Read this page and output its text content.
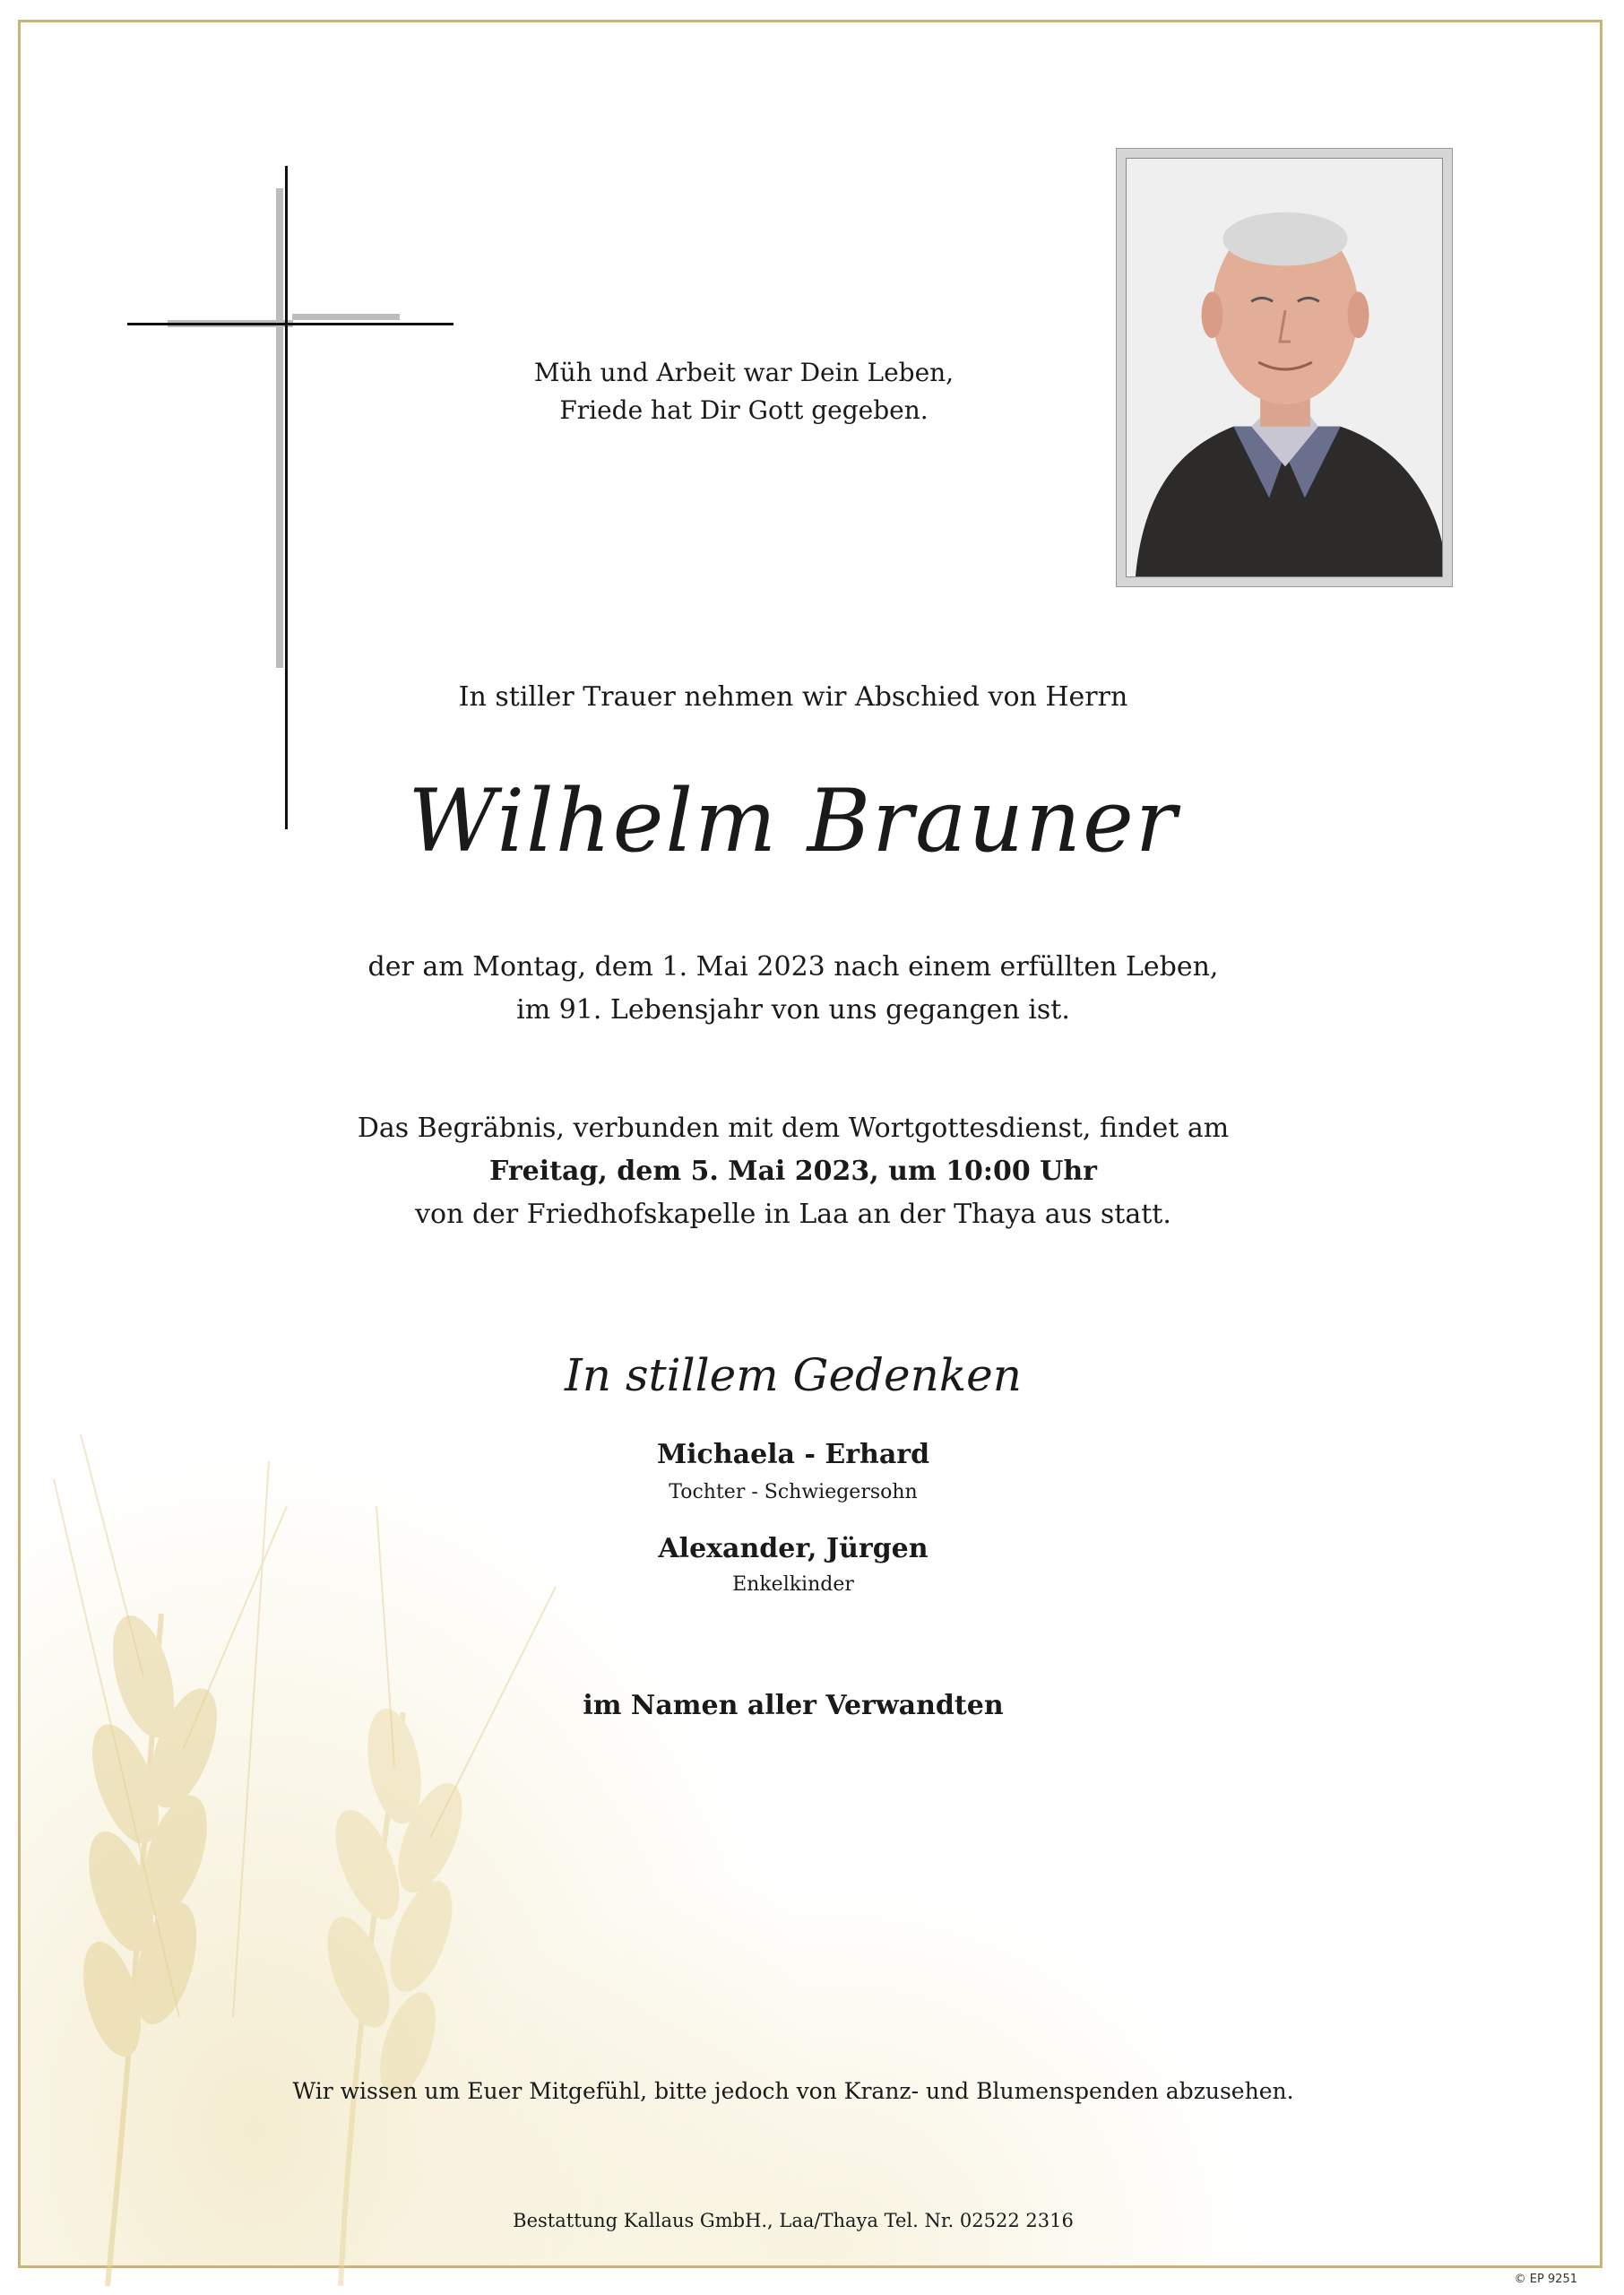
Müh und Arbeit war Dein Leben,
Friede hat Dir Gott gegeben.
In stiller Trauer nehmen wir Abschied von Herrn
Wilhelm Brauner
der am Montag, dem 1. Mai 2023 nach einem erfüllten Leben,
im 91. Lebensjahr von uns gegangen ist.
Das Begräbnis, verbunden mit dem Wortgottesdienst, findet am
Freitag, dem 5. Mai 2023, um 10:00 Uhr
von der Friedhofskapelle in Laa an der Thaya aus statt.
In stillem Gedenken
Michaela - Erhard
Tochter - Schwiegersohn
Alexander, Jürgen
Enkelkinder
im Namen aller Verwandten
Wir wissen um Euer Mitgefühl, bitte jedoch von Kranz- und Blumenspenden abzusehen.
Bestattung Kallaus GmbH., Laa/Thaya Tel. Nr. 02522 2316
© EP 9251
